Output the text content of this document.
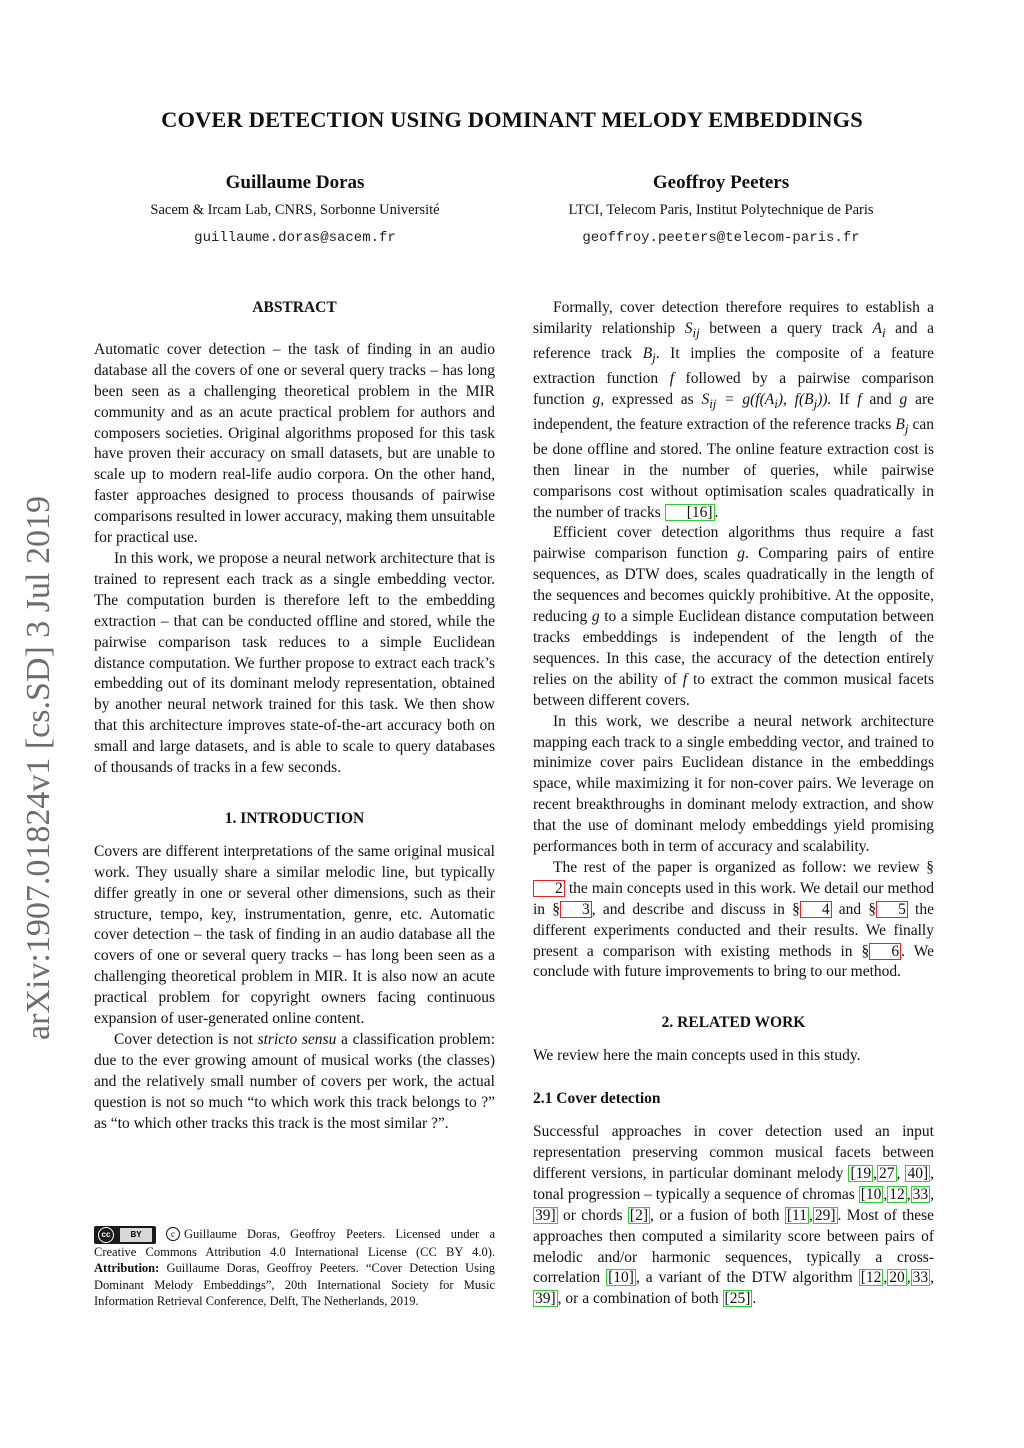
COVER DETECTION USING DOMINANT MELODY EMBEDDINGS
Guillaume Doras
Sacem & Ircam Lab, CNRS, Sorbonne Université
guillaume.doras@sacem.fr
Geoffroy Peeters
LTCI, Telecom Paris, Institut Polytechnique de Paris
geoffroy.peeters@telecom-paris.fr
arXiv:1907.01824v1 [cs.SD] 3 Jul 2019
ABSTRACT

Automatic cover detection – the task of finding in an audio database all the covers of one or several query tracks – has long been seen as a challenging theoretical problem in the MIR community and as an acute practical problem for authors and composers societies. Original algorithms proposed for this task have proven their accuracy on small datasets, but are unable to scale up to modern real-life audio corpora. On the other hand, faster approaches designed to process thousands of pairwise comparisons resulted in lower accuracy, making them unsuitable for practical use.

In this work, we propose a neural network architecture that is trained to represent each track as a single embedding vector. The computation burden is therefore left to the embedding extraction – that can be conducted offline and stored, while the pairwise comparison task reduces to a simple Euclidean distance computation. We further propose to extract each track’s embedding out of its dominant melody representation, obtained by another neural network trained for this task. We then show that this architecture improves state-of-the-art accuracy both on small and large datasets, and is able to scale to query databases of thousands of tracks in a few seconds.

1. INTRODUCTION

Covers are different interpretations of the same original musical work. They usually share a similar melodic line, but typically differ greatly in one or several other dimensions, such as their structure, tempo, key, instrumentation, genre, etc. Automatic cover detection – the task of finding in an audio database all the covers of one or several query tracks – has long been seen as a challenging theoretical problem in MIR. It is also now an acute practical problem for copyright owners facing continuous expansion of user-generated online content.

Cover detection is not stricto sensu a classification problem: due to the ever growing amount of musical works (the classes) and the relatively small number of covers per work, the actual question is not so much “to which work this track belongs to ?” as “to which other tracks this track is the most similar ?”.

cc	BY	c Guillaume Doras, Geoffroy Peeters. Licensed under a Creative Commons Attribution 4.0 International License (CC BY 4.0). Attribution: Guillaume Doras, Geoffroy Peeters. “Cover Detection Using Dominant Melody Embeddings”, 20th International Society for Music Information Retrieval Conference, Delft, The Netherlands, 2019.

Formally, cover detection therefore requires to establish a similarity relationship $S_{ij}$ between a query track $A_i$ and a reference track $B_j$. It implies the composite of a feature extraction function f followed by a pairwise comparison function g, expressed as $S_{ij} = g(f(A_i)$, $f(B_j)$). If f and g are independent, the feature extraction of the reference tracks $B_j$ can be done offline and stored. The online feature extraction cost is then linear in the number of queries, while pairwise comparisons cost without optimisation scales quadratically in the number of tracks [16] .

Efficient cover detection algorithms thus require a fast pairwise comparison function g. Comparing pairs of entire sequences, as DTW does, scales quadratically in the length of the sequences and becomes quickly prohibitive. At the opposite, reducing g to a simple Euclidean distance computation between tracks embeddings is independent of the length of the sequences. In this case, the accuracy of the detection entirely relies on the ability of f to extract the common musical facets between different covers.

In this work, we describe a neural network architecture mapping each track to a single embedding vector, and trained to minimize cover pairs Euclidean distance in the embeddings space, while maximizing it for non-cover pairs. We leverage on recent breakthroughs in dominant melody extraction, and show that the use of dominant melody embeddings yield promising performances both in term of accuracy and scalability.

The rest of the paper is organized as follow: we review §2 the main concepts used in this work. We detail our method in § 3 , and describe and discuss in § 4 and § 5 the different experiments conducted and their results. We finally present a comparison with existing methods in § 6 . We conclude with future improvements to bring to our method.

2. RELATED WORK

We review here the main concepts used in this study.

2.1 Cover detection

Successful approaches in cover detection used an input representation preserving common musical facets between different versions, in particular dominant melody [19 , 27 , 40] , tonal progression – typically a sequence of chromas [10 , 12 , 33 ,39] or chords [2] , or a fusion of both [11 , 29] . Most of these approaches then computed a similarity score between pairs of melodic and/or harmonic sequences, typically a cross-correlation [10] , a variant of the DTW algorithm [12 , 20 , 33 ,39] , or a combination of both [25] .
